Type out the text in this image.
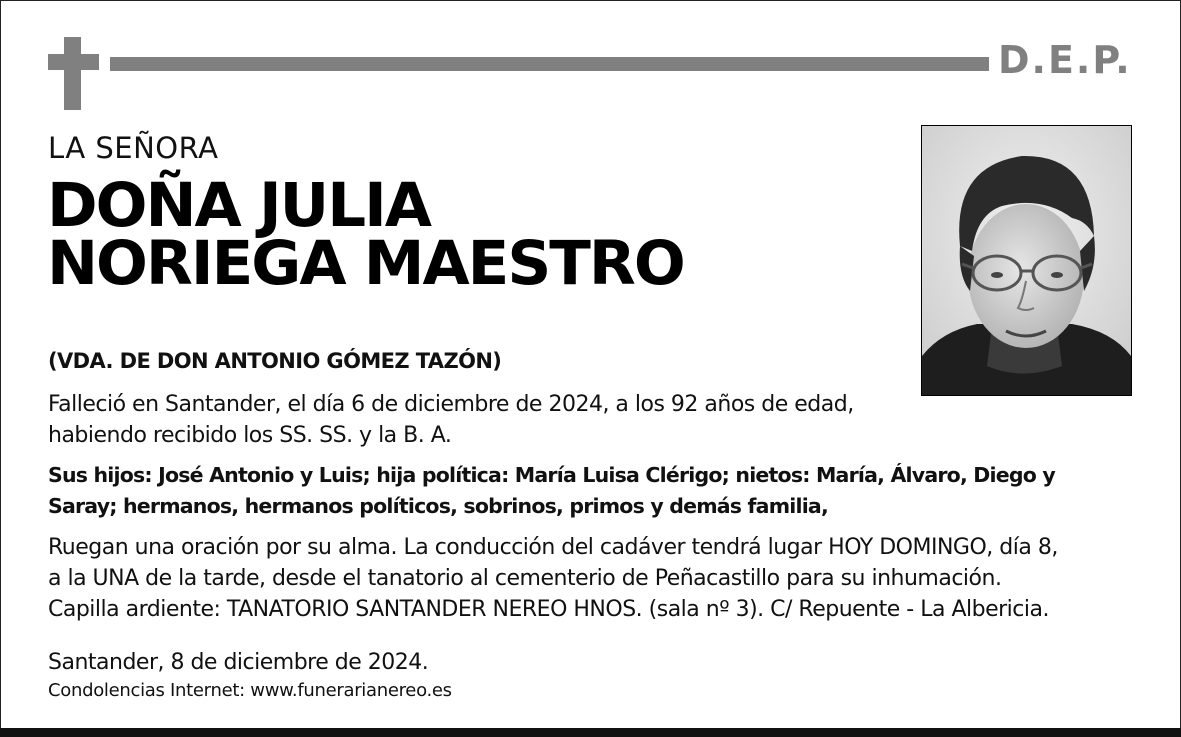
D.E.P.
LA SEÑORA
DOÑA JULIA
NORIEGA MAESTRO
(VDA. DE DON ANTONIO GÓMEZ TAZÓN)
Falleció en Santander, el día 6 de diciembre de 2024, a los 92 años de edad,
habiendo recibido los SS. SS. y la B. A.
Sus hijos: José Antonio y Luis; hija política: María Luisa Clérigo; nietos: María, Álvaro, Diego y
Saray; hermanos, hermanos políticos, sobrinos, primos y demás familia,
Ruegan una oración por su alma. La conducción del cadáver tendrá lugar HOY DOMINGO, día 8,
a la UNA de la tarde, desde el tanatorio al cementerio de Peñacastillo para su inhumación.
Capilla ardiente: TANATORIO SANTANDER NEREO HNOS. (sala nº 3). C/ Repuente - La Albericia.
Santander, 8 de diciembre de 2024.
Condolencias Internet: www.funerarianereo.es
